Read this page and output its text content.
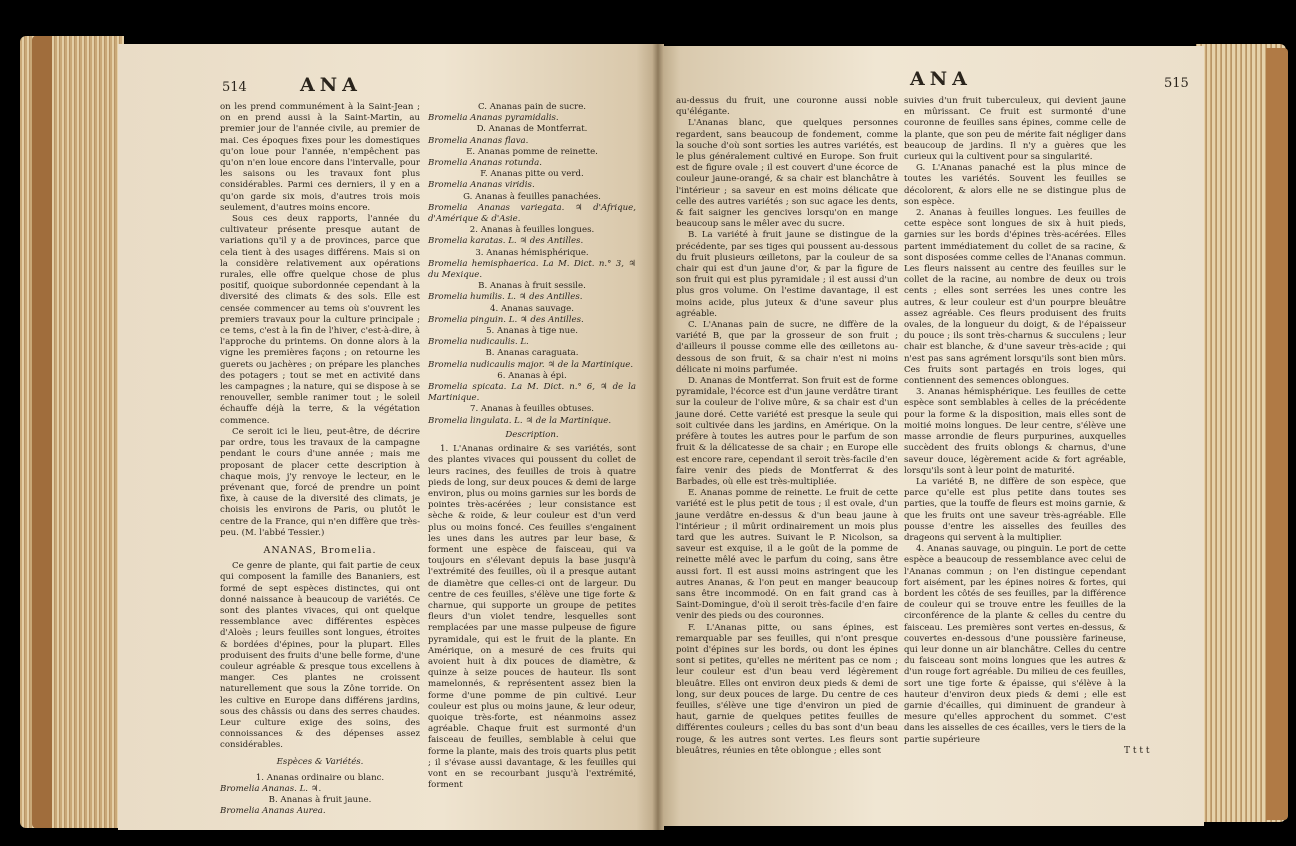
514	ANA	ANA	515

on les prend communément à la Saint-Jean ; on en prend aussi à la Saint-Martin, au premier jour de l'année civile, au premier de mai. Ces époques fixes pour les domestiques qu'on loue pour l'année, n'empêchent pas qu'on n'en loue encore dans l'intervalle, pour les saisons ou les travaux font plus considérables. Parmi ces derniers, il y en a qu'on garde six mois, d'autres trois mois seulement, d'autres moins encore.

Sous ces deux rapports, l'année du cultivateur présente presque autant de variations qu'il y a de provinces, parce que cela tient à des usages différens. Mais si on la considère relativement aux opérations rurales, elle offre quelque chose de plus positif, quoique subordonnée cependant à la diversité des climats & des sols. Elle est censée commencer au tems où s'ouvrent les premiers travaux pour la culture principale ; ce tems, c'est à la fin de l'hiver, c'est-à-dire, à l'approche du printems. On donne alors à la vigne les premières façons ; on retourne les guerets ou jachères ; on prépare les planches des potagers ; tout se met en activité dans les campagnes ; la nature, qui se dispose à se renouveller, semble ranimer tout ; le soleil échauffe déjà la terre, & la végétation commence.

Ce seroit ici le lieu, peut-être, de décrire par ordre, tous les travaux de la campagne pendant le cours d'une année ; mais me proposant de placer cette description à chaque mois, j'y renvoye le lecteur, en le prévenant que, forcé de prendre un point fixe, à cause de la diversité des climats, je choisis les environs de Paris, ou plutôt le centre de la France, qui n'en diffère que très-peu. (M. l'abbé Tessier.)

ANANAS, Bromelia.

Ce genre de plante, qui fait partie de ceux qui composent la famille des Bananiers, est formé de sept espèces distinctes, qui ont donné naissance à beaucoup de variétés. Ce sont des plantes vivaces, qui ont quelque ressemblance avec différentes espèces d'Aloès ; leurs feuilles sont longues, étroites & bordées d'épines, pour la plupart. Elles produisent des fruits d'une belle forme, d'une couleur agréable & presque tous excellens à manger. Ces plantes ne croissent naturellement que sous la Zône torride. On les cultive en Europe dans différens jardins, sous des châssis ou dans des serres chaudes. Leur culture exige des soins, des connoissances & des dépenses assez considérables.

Espèces & Variétés.

1. Ananas ordinaire ou blanc.

Bromelia Ananas. L. ♃.

B. Ananas à fruit jaune.

Bromelia Ananas Aurea.

C. Ananas pain de sucre.

Bromelia Ananas pyramidalis.

D. Ananas de Montferrat.

Bromelia Ananas flava.

E. Ananas pomme de reinette.

Bromelia Ananas rotunda.

F. Ananas pitte ou verd.

Bromelia Ananas viridis.

G. Ananas à feuilles panachées.

Bromelia Ananas variegata. ♃ d'Afrique, d'Amérique & d'Asie.

2. Ananas à feuilles longues.

Bromelia karatas. L. ♃ des Antilles.

3. Ananas hémisphérique.

Bromelia hemisphaerica. La M. Dict. n.° 3, ♃ du Mexique.

B. Ananas à fruit sessile.

Bromelia humilis. L. ♃ des Antilles.

4. Ananas sauvage.

Bromelia pinguin. L. ♃ des Antilles.

5. Ananas à tige nue.

Bromelia nudicaulis. L.

B. Ananas caraguata.

Bromelia nudicaulis major. ♃ de la Martinique.

6. Ananas à épi.

Bromelia spicata. La M. Dict. n.° 6, ♃ de la Martinique.

7. Ananas à feuilles obtuses.

Bromelia lingulata. L. ♃ de la Martinique.

Description.

1. L'Ananas ordinaire & ses variétés, sont des plantes vivaces qui poussent du collet de leurs racines, des feuilles de trois à quatre pieds de long, sur deux pouces & demi de large environ, plus ou moins garnies sur les bords de pointes très-acérées ; leur consistance est sèche & roide, & leur couleur est d'un verd plus ou moins foncé. Ces feuilles s'engainent les unes dans les autres par leur base, & forment une espèce de faisceau, qui va toujours en s'élevant depuis la base jusqu'à l'extrémité des feuilles, où il a presque autant de diamètre que celles-ci ont de largeur. Du centre de ces feuilles, s'élève une tige forte & charnue, qui supporte un groupe de petites fleurs d'un violet tendre, lesquelles sont remplacées par une masse pulpeuse de figure pyramidale, qui est le fruit de la plante. En Amérique, on a mesuré de ces fruits qui avoient huit à dix pouces de diamètre, & quinze à seize pouces de hauteur. Ils sont mamelonnés, & représentent assez bien la forme d'une pomme de pin cultivé. Leur couleur est plus ou moins jaune, & leur odeur, quoique très-forte, est néanmoins assez agréable. Chaque fruit est surmonté d'un faisceau de feuilles, semblable à celui que forme la plante, mais des trois quarts plus petit ; il s'évase aussi davantage, & les feuilles qui vont en se recourbant jusqu'à l'extrémité, forment

au-dessus du fruit, une couronne aussi noble qu'élégante.

L'Ananas blanc, que quelques personnes regardent, sans beaucoup de fondement, comme la souche d'où sont sorties les autres variétés, est le plus généralement cultivé en Europe. Son fruit est de figure ovale ; il est couvert d'une écorce de couleur jaune-orangé, & sa chair est blanchâtre à l'intérieur ; sa saveur en est moins délicate que celle des autres variétés ; son suc agace les dents, & fait saigner les gencives lorsqu'on en mange beaucoup sans le mêler avec du sucre.

B. La variété à fruit jaune se distingue de la précédente, par ses tiges qui poussent au-dessous du fruit plusieurs œilletons, par la couleur de sa chair qui est d'un jaune d'or, & par la figure de son fruit qui est plus pyramidale ; il est aussi d'un plus gros volume. On l'estime davantage, il est moins acide, plus juteux & d'une saveur plus agréable.

C. L'Ananas pain de sucre, ne diffère de la variété B, que par la grosseur de son fruit ; d'ailleurs il pousse comme elle des œilletons au-dessous de son fruit, & sa chair n'est ni moins délicate ni moins parfumée.

D. Ananas de Montferrat. Son fruit est de forme pyramidale, l'écorce est d'un jaune verdâtre tirant sur la couleur de l'olive mûre, & sa chair est d'un jaune doré. Cette variété est presque la seule qui soit cultivée dans les jardins, en Amérique. On la préfère à toutes les autres pour le parfum de son fruit & la délicatesse de sa chair ; en Europe elle est encore rare, cependant il seroit très-facile d'en faire venir des pieds de Montferrat & des Barbades, où elle est très-multipliée.

E. Ananas pomme de reinette. Le fruit de cette variété est le plus petit de tous ; il est ovale, d'un jaune verdâtre en-dessus & d'un beau jaune à l'intérieur ; il mûrit ordinairement un mois plus tard que les autres. Suivant le P. Nicolson, sa saveur est exquise, il a le goût de la pomme de reinette mêlé avec le parfum du coing, sans être aussi fort. Il est aussi moins astringent que les autres Ananas, & l'on peut en manger beaucoup sans être incommodé. On en fait grand cas à Saint-Domingue, d'où il seroit très-facile d'en faire venir des pieds ou des couronnes.

F. L'Ananas pitte, ou sans épines, est remarquable par ses feuilles, qui n'ont presque point d'épines sur les bords, ou dont les épines sont si petites, qu'elles ne méritent pas ce nom ; leur couleur est d'un beau verd légèrement bleuâtre. Elles ont environ deux pieds & demi de long, sur deux pouces de large. Du centre de ces feuilles, s'élève une tige d'environ un pied de haut, garnie de quelques petites feuilles de différentes couleurs ; celles du bas sont d'un beau rouge, & les autres sont vertes. Les fleurs sont bleuâtres, réunies en tête oblongue ; elles sont

suivies d'un fruit tuberculeux, qui devient jaune en mûrissant. Ce fruit est surmonté d'une couronne de feuilles sans épines, comme celle de la plante, que son peu de mérite fait négliger dans beaucoup de jardins. Il n'y a guères que les curieux qui la cultivent pour sa singularité.

G. L'Ananas panaché est la plus mince de toutes les variétés. Souvent les feuilles se décolorent, & alors elle ne se distingue plus de son espèce.

2. Ananas à feuilles longues. Les feuilles de cette espèce sont longues de six à huit pieds, garnies sur les bords d'épines très-acérées. Elles partent immédiatement du collet de sa racine, & sont disposées comme celles de l'Ananas commun. Les fleurs naissent au centre des feuilles sur le collet de la racine, au nombre de deux ou trois cents ; elles sont serrées les unes contre les autres, & leur couleur est d'un pourpre bleuâtre assez agréable. Ces fleurs produisent des fruits ovales, de la longueur du doigt, & de l'épaisseur du pouce ; ils sont très-charnus & succulens ; leur chair est blanche, & d'une saveur très-acide ; qui n'est pas sans agrément lorsqu'ils sont bien mûrs. Ces fruits sont partagés en trois loges, qui contiennent des semences oblongues.

3. Ananas hémisphérique. Les feuilles de cette espèce sont semblables à celles de la précédente pour la forme & la disposition, mais elles sont de moitié moins longues. De leur centre, s'élève une masse arrondie de fleurs purpurines, auxquelles succèdent des fruits oblongs & charnus, d'une saveur douce, légèrement acide & fort agréable, lorsqu'ils sont à leur point de maturité.

La variété B, ne diffère de son espèce, que parce qu'elle est plus petite dans toutes ses parties, que la touffe de fleurs est moins garnie, & que les fruits ont une saveur très-agréable. Elle pousse d'entre les aisselles des feuilles des drageons qui servent à la multiplier.

4. Ananas sauvage, ou pinguin. Le port de cette espèce a beaucoup de ressemblance avec celui de l'Ananas commun ; on l'en distingue cependant fort aisément, par les épines noires & fortes, qui bordent les côtés de ses feuilles, par la différence de couleur qui se trouve entre les feuilles de la circonférence de la plante & celles du centre du faisceau. Les premières sont vertes en-dessus, & couvertes en-dessous d'une poussière farineuse, qui leur donne un air blanchâtre. Celles du centre du faisceau sont moins longues que les autres & d'un rouge fort agréable. Du milieu de ces feuilles, sort une tige forte & épaisse, qui s'élève à la hauteur d'environ deux pieds & demi ; elle est garnie d'écailles, qui diminuent de grandeur à mesure qu'elles approchent du sommet. C'est dans les aisselles de ces écailles, vers le tiers de la partie supérieure

T t t t
